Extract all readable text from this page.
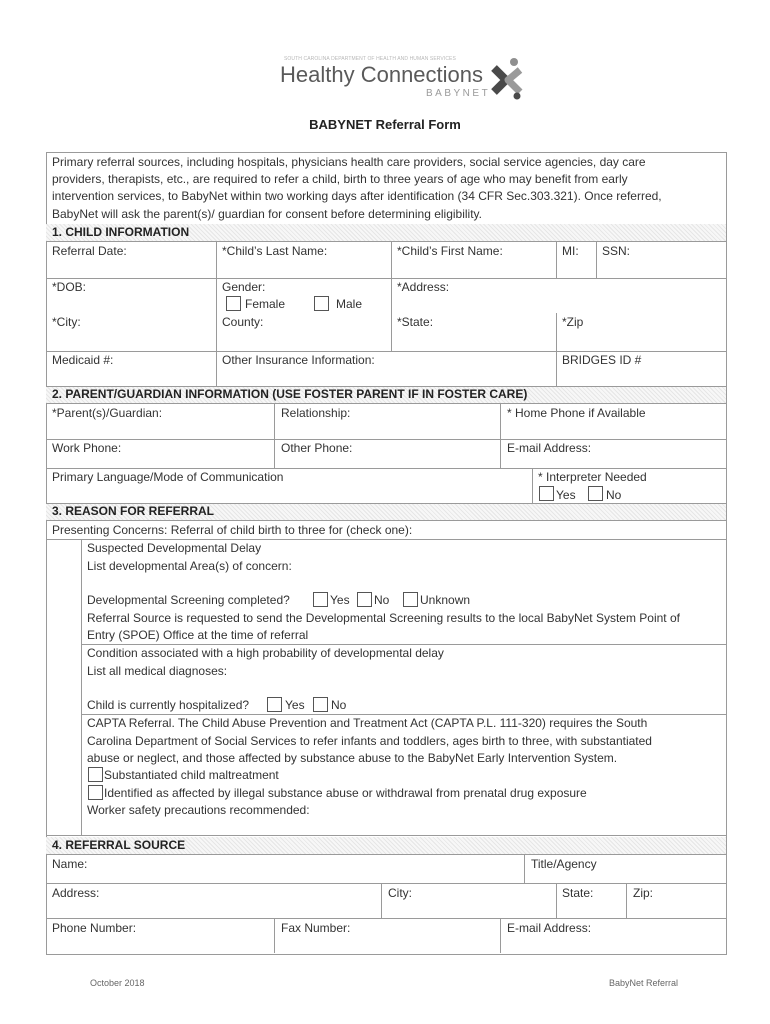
SOUTH CAROLINA DEPARTMENT OF HEALTH AND HUMAN SERVICES
Healthy Connections
BABYNET
BABYNET Referral Form
Primary referral sources, including hospitals, physicians health care providers, social service agencies, day care
providers, therapists, etc., are required to refer a child, birth to three years of age who may benefit from early
intervention services, to BabyNet within two working days after identification (34 CFR Sec.303.321). Once referred,
BabyNet will ask the parent(s)/ guardian for consent before determining eligibility.
1. CHILD INFORMATION
Referral Date:	*Child’s Last Name:	*Child’s First Name:	MI: SSN:
*DOB:	Gender:
Female	Male
*Address:
*City:	County:	*State:	*Zip
Medicaid #:	Other Insurance Information:	BRIDGES ID #
2. PARENT/GUARDIAN INFORMATION (USE FOSTER PARENT IF IN FOSTER CARE)
*Parent(s)/Guardian:	Relationship:	* Home Phone if Available
Work Phone:	Other Phone:	E-mail Address:
Primary Language/Mode of Communication	* Interpreter Needed
Yes	No
3. REASON FOR REFERRAL
Presenting Concerns: Referral of child birth to three for (check one):
Suspected Developmental Delay
List developmental Area(s) of concern:
Developmental Screening completed?	Yes No	Unknown
Referral Source is requested to send the Developmental Screening results to the local BabyNet System Point of
Entry (SPOE) Office at the time of referral
Condition associated with a high probability of developmental delay
List all medical diagnoses:
Child is currently hospitalized?	Yes No
CAPTA Referral. The Child Abuse Prevention and Treatment Act (CAPTA P.L. 111-320) requires the South
Carolina Department of Social Services to refer infants and toddlers, ages birth to three, with substantiated
abuse or neglect, and those affected by substance abuse to the BabyNet Early Intervention System.
Substantiated child maltreatment
Identified as affected by illegal substance abuse or withdrawal from prenatal drug exposure
Worker safety precautions recommended:
4. REFERRAL SOURCE
Name:	Title/Agency
Address:	City:	State:	Zip:
Phone Number:	Fax Number:	E-mail Address:
October 2018	BabyNet Referral
